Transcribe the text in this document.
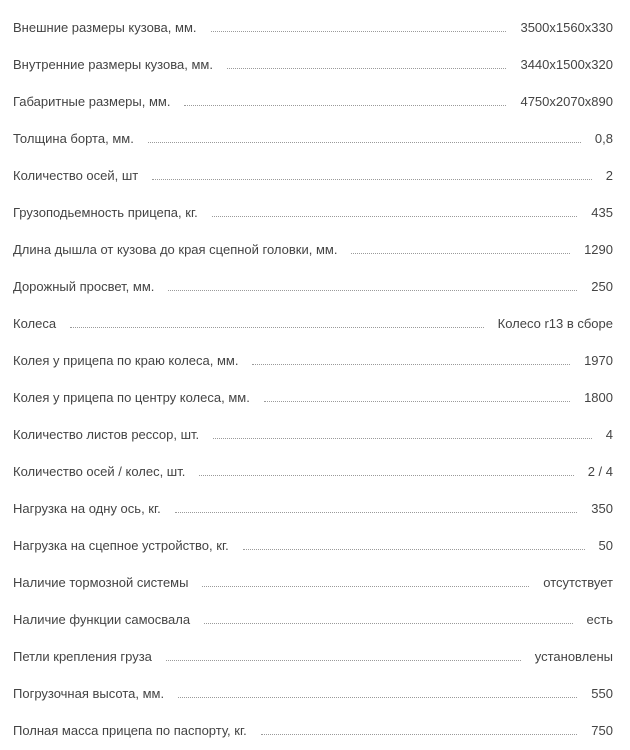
Внешние размеры кузова, мм.	3500x1560x330
Внутренние размеры кузова, мм.	3440x1500x320
Габаритные размеры, мм.	4750x2070x890
Толщина борта, мм.	0,8
Количество осей, шт	2
Грузоподьемность прицепа, кг.	435
Длина дышла от кузова до края сцепной головки, мм.	1290
Дорожный просвет, мм.	250
Колеса	Колесо r13 в сборе
Колея у прицепа по краю колеса, мм.	1970
Колея у прицепа по центру колеса, мм.	1800
Количество листов рессор, шт.	4
Количество осей / колес, шт.	2 / 4
Нагрузка на одну ось, кг.	350
Нагрузка на сцепное устройство, кг.	50
Наличие тормозной системы	отсутствует
Наличие функции самосвала	есть
Петли крепления груза	установлены
Погрузочная высота, мм.	550
Полная масса прицепа по паспорту, кг.	750
